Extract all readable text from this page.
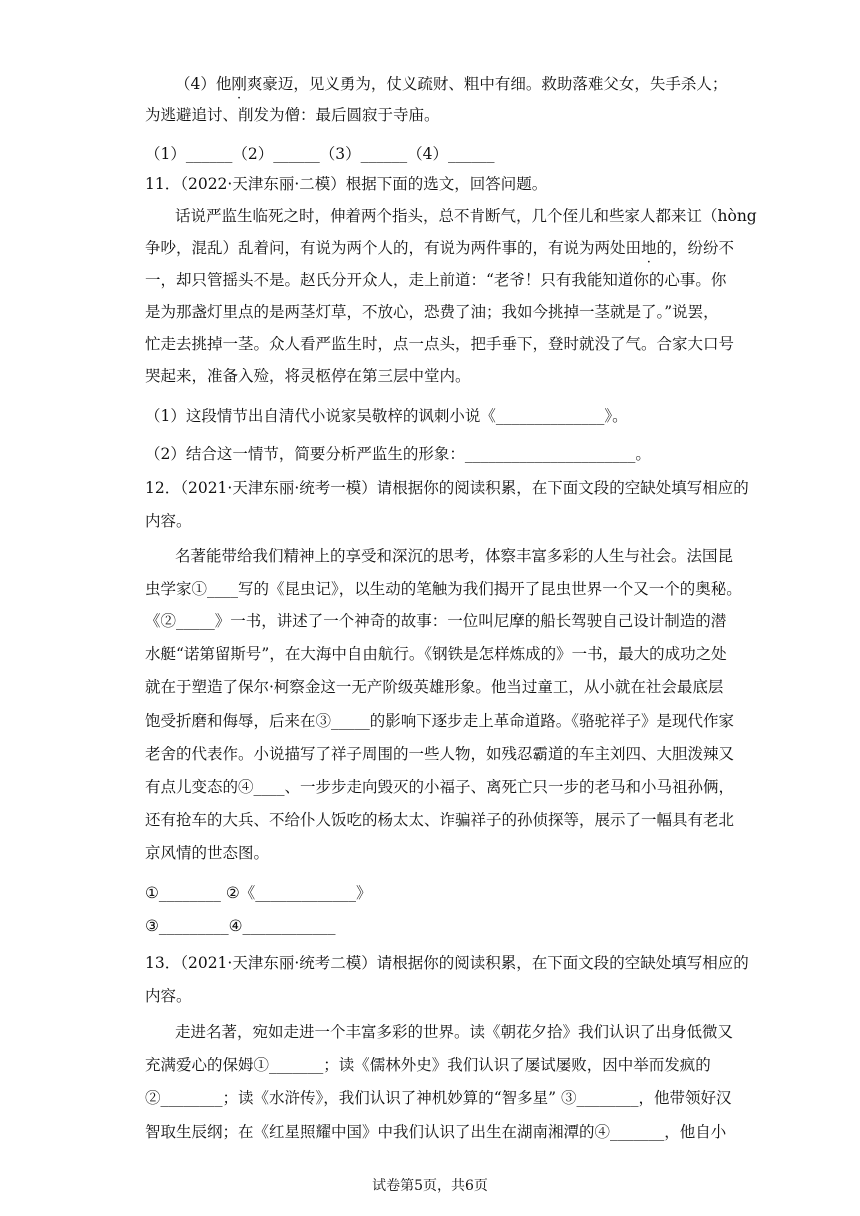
（4）他刚爽豪迈，见义勇为，仗义疏财、粗中有细。救助落难父女，失手杀人；
为逃避追讨、削发为僧：最后圆寂于寺庙。
（1）______（2）______（3）______（4）______
11．（2022·天津东丽·二模）根据下面的选文，回答问题。
话说严监生临死之时，伸着两个指头，总不肯断气，几个侄儿和些家人都来讧（hòng
争吵，混乱）乱着问，有说为两个人的，有说为两件事的，有说为两处田地的，纷纷不
一，却只管摇头不是。赵氏分开众人，走上前道：“老爷！只有我能知道你的心事。你
是为那盏灯里点的是两茎灯草，不放心，恐费了油；我如今挑掉一茎就是了。”说罢，
忙走去挑掉一茎。众人看严监生时，点一点头，把手垂下，登时就没了气。合家大口号
哭起来，准备入殓，将灵柩停在第三层中堂内。
（1）这段情节出自清代小说家吴敬梓的讽刺小说《______________》。
（2）结合这一情节，简要分析严监生的形象：______________________。
12．（2021·天津东丽·统考一模）请根据你的阅读积累，在下面文段的空缺处填写相应的
内容。
名著能带给我们精神上的享受和深沉的思考，体察丰富多彩的人生与社会。法国昆
虫学家①____写的《昆虫记》，以生动的笔触为我们揭开了昆虫世界一个又一个的奥秘。
《②_____》一书，讲述了一个神奇的故事：一位叫尼摩的船长驾驶自己设计制造的潜
水艇“诺第留斯号”，在大海中自由航行。《钢铁是怎样炼成的》一书，最大的成功之处
就在于塑造了保尔·柯察金这一无产阶级英雄形象。他当过童工，从小就在社会最底层
饱受折磨和侮辱，后来在③_____的影响下逐步走上革命道路。《骆驼祥子》是现代作家
老舍的代表作。小说描写了祥子周围的一些人物，如残忍霸道的车主刘四、大胆泼辣又
有点儿变态的④____、一步步走向毁灭的小福子、离死亡只一步的老马和小马祖孙俩，
还有抢车的大兵、不给仆人饭吃的杨太太、诈骗祥子的孙侦探等，展示了一幅具有老北
京风情的世态图。
①________ ②《_____________》
③_________④____________
13．（2021·天津东丽·统考二模）请根据你的阅读积累，在下面文段的空缺处填写相应的
内容。
走进名著，宛如走进一个丰富多彩的世界。读《朝花夕拾》我们认识了出身低微又
充满爱心的保姆①_______；读《儒林外史》我们认识了屡试屡败，因中举而发疯的
②________；读《水浒传》，我们认识了神机妙算的“智多星” ③________，他带领好汉
智取生辰纲；在《红星照耀中国》中我们认识了出生在湖南湘潭的④_______，他自小
试卷第5页，共6页
